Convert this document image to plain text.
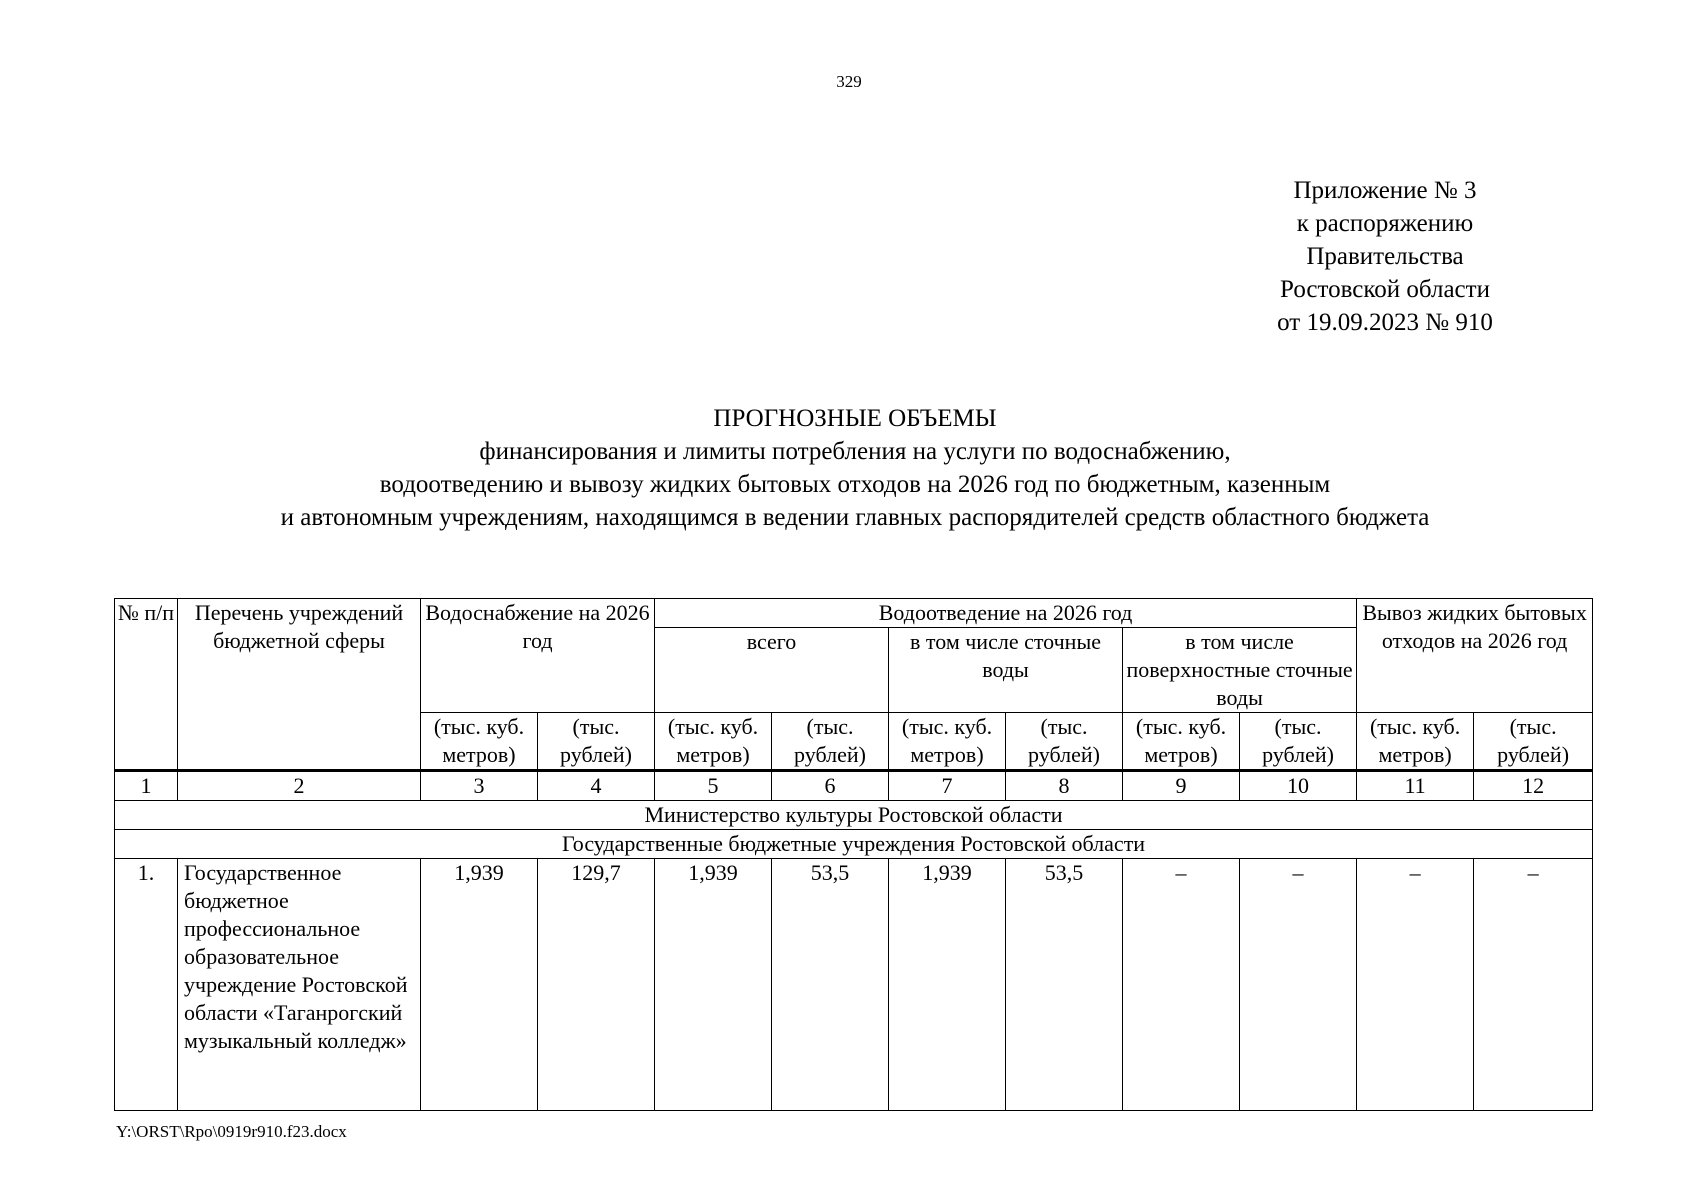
329
Приложение № 3
к распоряжению
Правительства
Ростовской области
от 19.09.2023 № 910
ПРОГНОЗНЫЕ ОБЪЕМЫ
финансирования и лимиты потребления на услуги по водоснабжению,
водоотведению и вывозу жидких бытовых отходов на 2026 год по бюджетным, казенным
и автономным учреждениям, находящимся в ведении главных распорядителей средств областного бюджета
№ п/п	Перечень учреждений бюджетной сферы	Водоснабжение на 2026 год		Водоотведение на 2026 год						Вывоз жидких бытовых отходов на 2026 год	
				всего		в том числе сточные воды		в том числе поверхностные сточные воды			
		(тыс. куб. метров)	(тыс. рублей)	(тыс. куб. метров)	(тыс. рублей)	(тыс. куб. метров)	(тыс. рублей)	(тыс. куб. метров)	(тыс. рублей)	(тыс. куб. метров)	(тыс. рублей)
1	2	3	4	5	6	7	8	9	10	11	12
Министерство культуры Ростовской области											
Государственные бюджетные учреждения Ростовской области											
1.	Государственное бюджетное профессиональное образовательное учреждение Ростовской области «Таганрогский музыкальный колледж»	1,939	129,7	1,939	53,5	1,939	53,5	–	–	–	–
Y:\ORST\Rpo\0919r910.f23.docx
